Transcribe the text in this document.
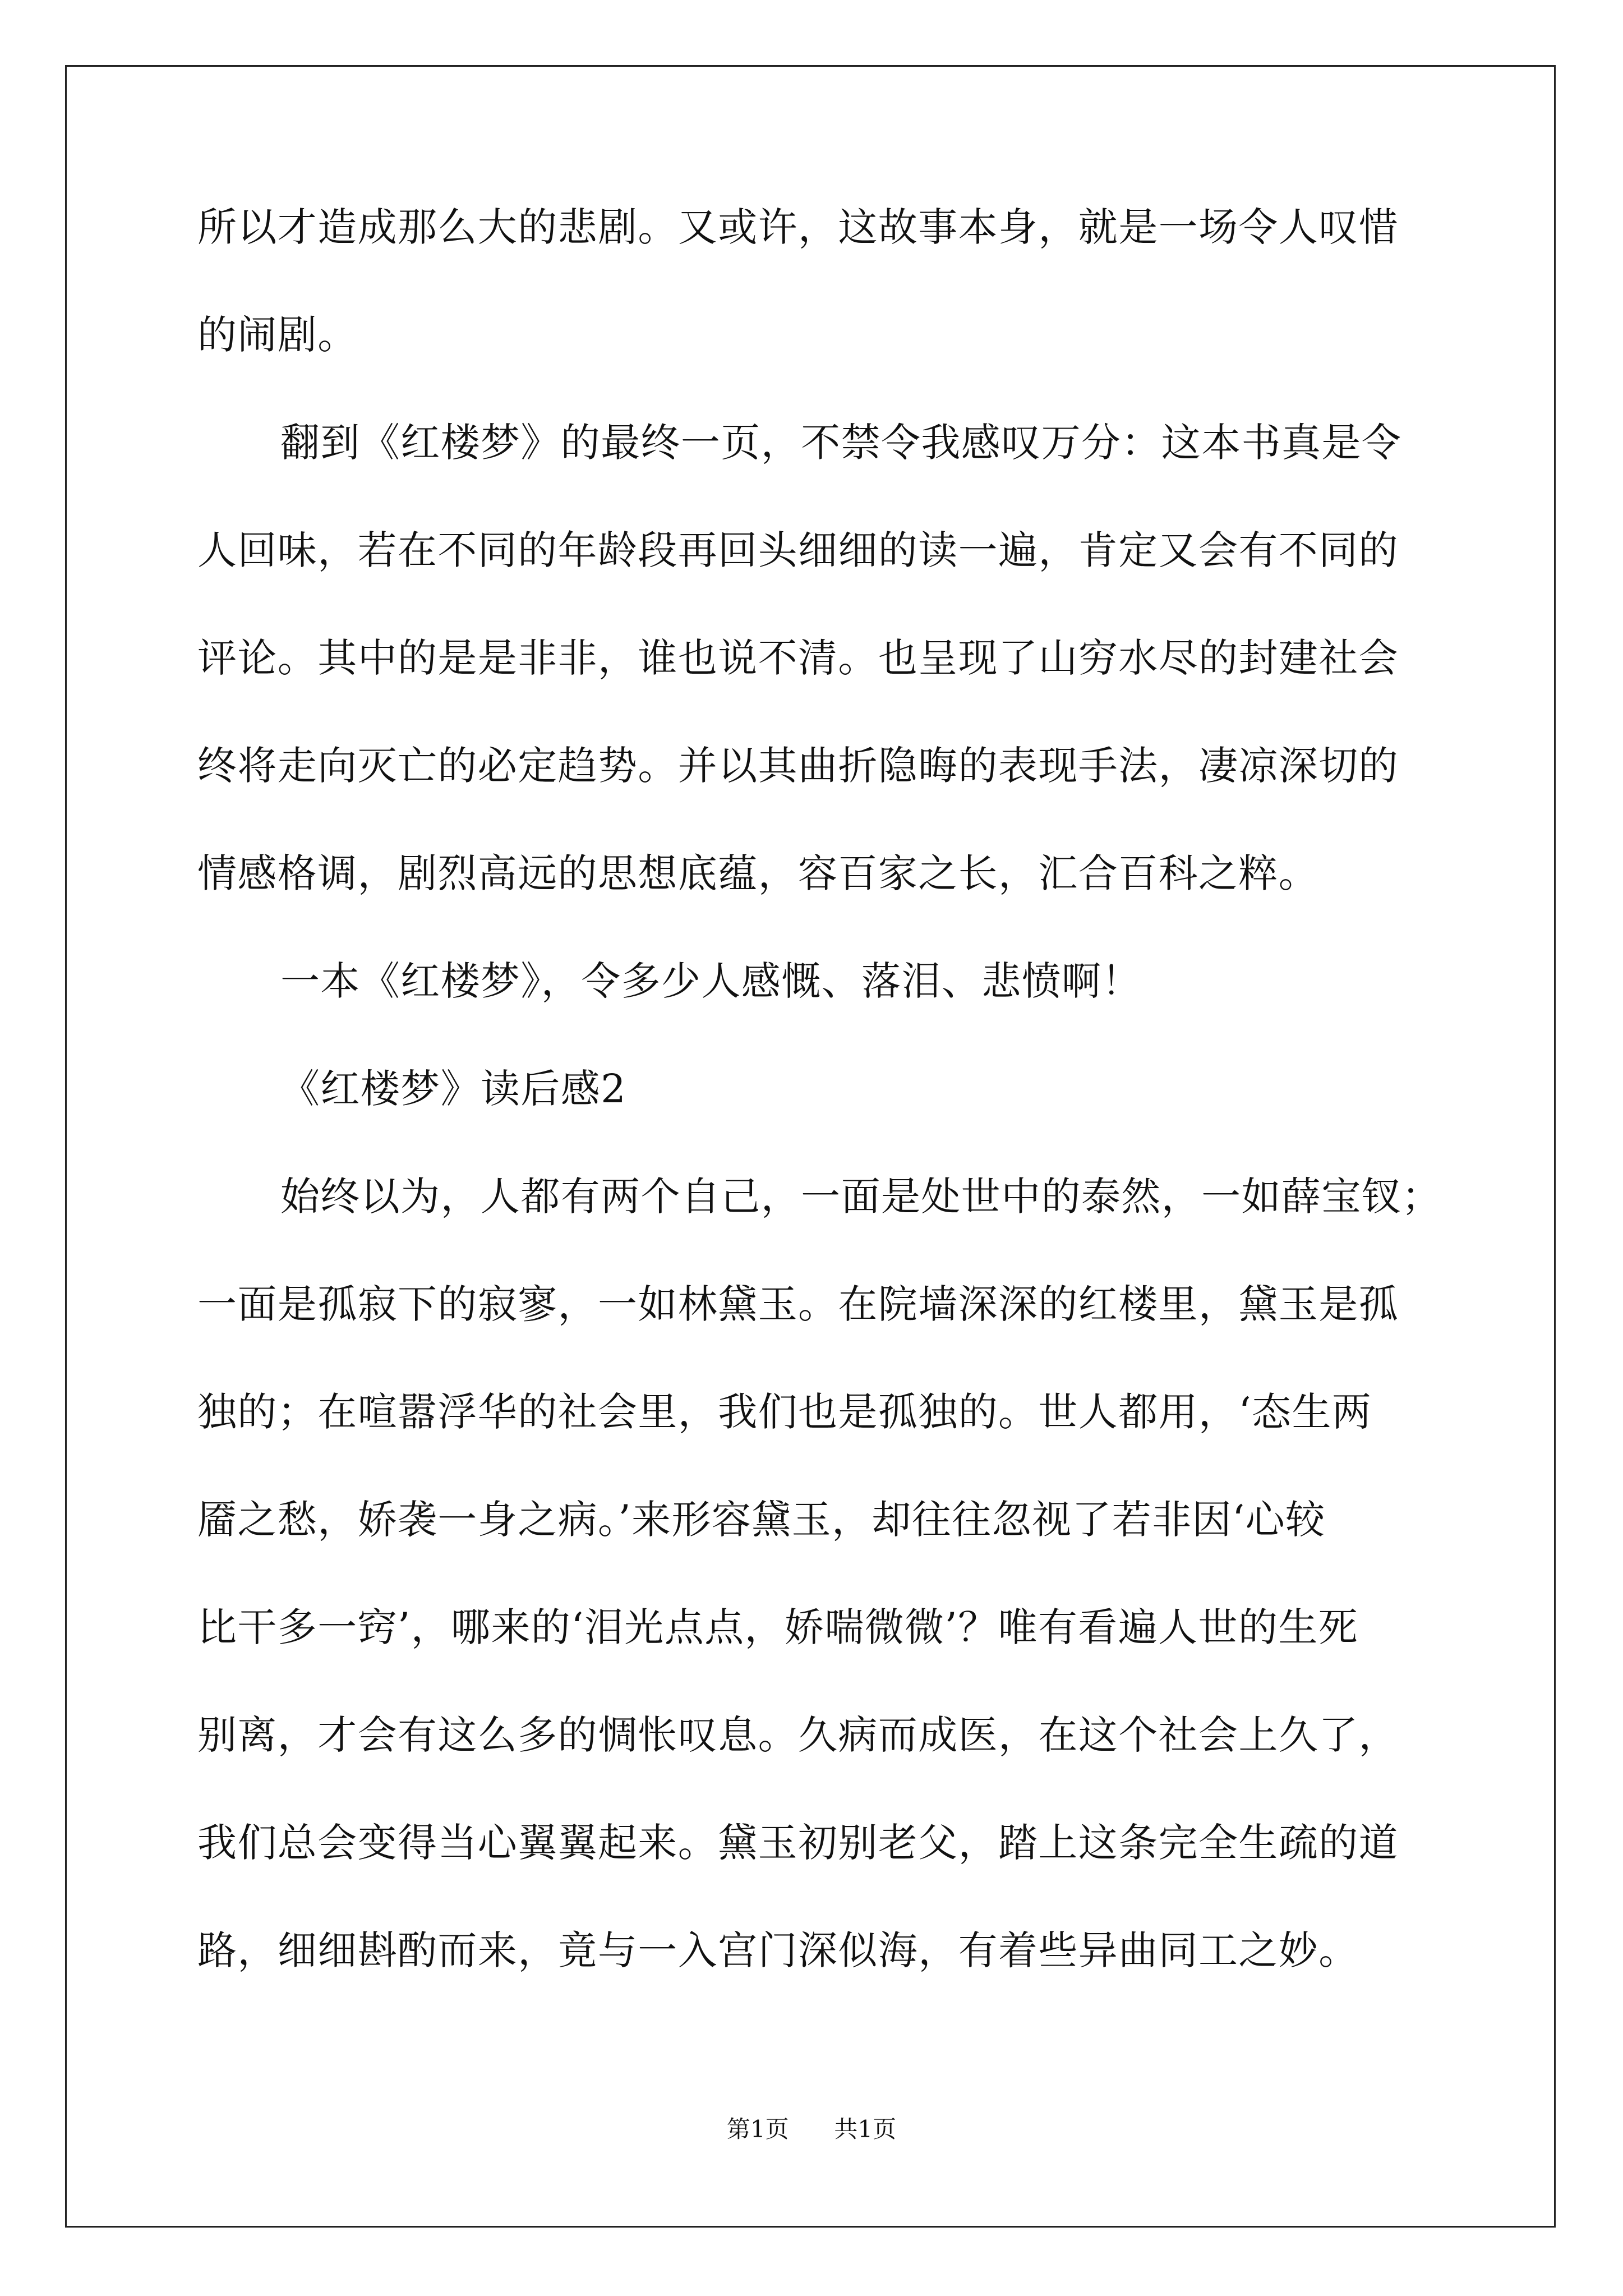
所以才造成那么大的悲剧。又或许，这故事本身，就是一场令人叹惜

的闹剧。

翻到《红楼梦》的最终一页，不禁令我感叹万分：这本书真是令

人回味，若在不同的年龄段再回头细细的读一遍，肯定又会有不同的

评论。其中的是是非非，谁也说不清。也呈现了山穷水尽的封建社会

终将走向灭亡的必定趋势。并以其曲折隐晦的表现手法，凄凉深切的

情感格调，剧烈高远的思想底蕴，容百家之长，汇合百科之粹。

一本《红楼梦》，令多少人感慨、落泪、悲愤啊！

《红楼梦》读后感2

始终以为，人都有两个自己，一面是处世中的泰然，一如薛宝钗；

一面是孤寂下的寂寥，一如林黛玉。在院墙深深的红楼里，黛玉是孤

独的；在喧嚣浮华的社会里，我们也是孤独的。世人都用，‘态生两

靥之愁，娇袭一身之病。’来形容黛玉，却往往忽视了若非因‘心较

比干多一窍’，哪来的‘泪光点点，娇喘微微’？唯有看遍人世的生死

别离，才会有这么多的惆怅叹息。久病而成医，在这个社会上久了，

我们总会变得当心翼翼起来。黛玉初别老父，踏上这条完全生疏的道

路，细细斟酌而来，竟与一入宫门深似海，有着些异曲同工之妙。

第1页 共1页
